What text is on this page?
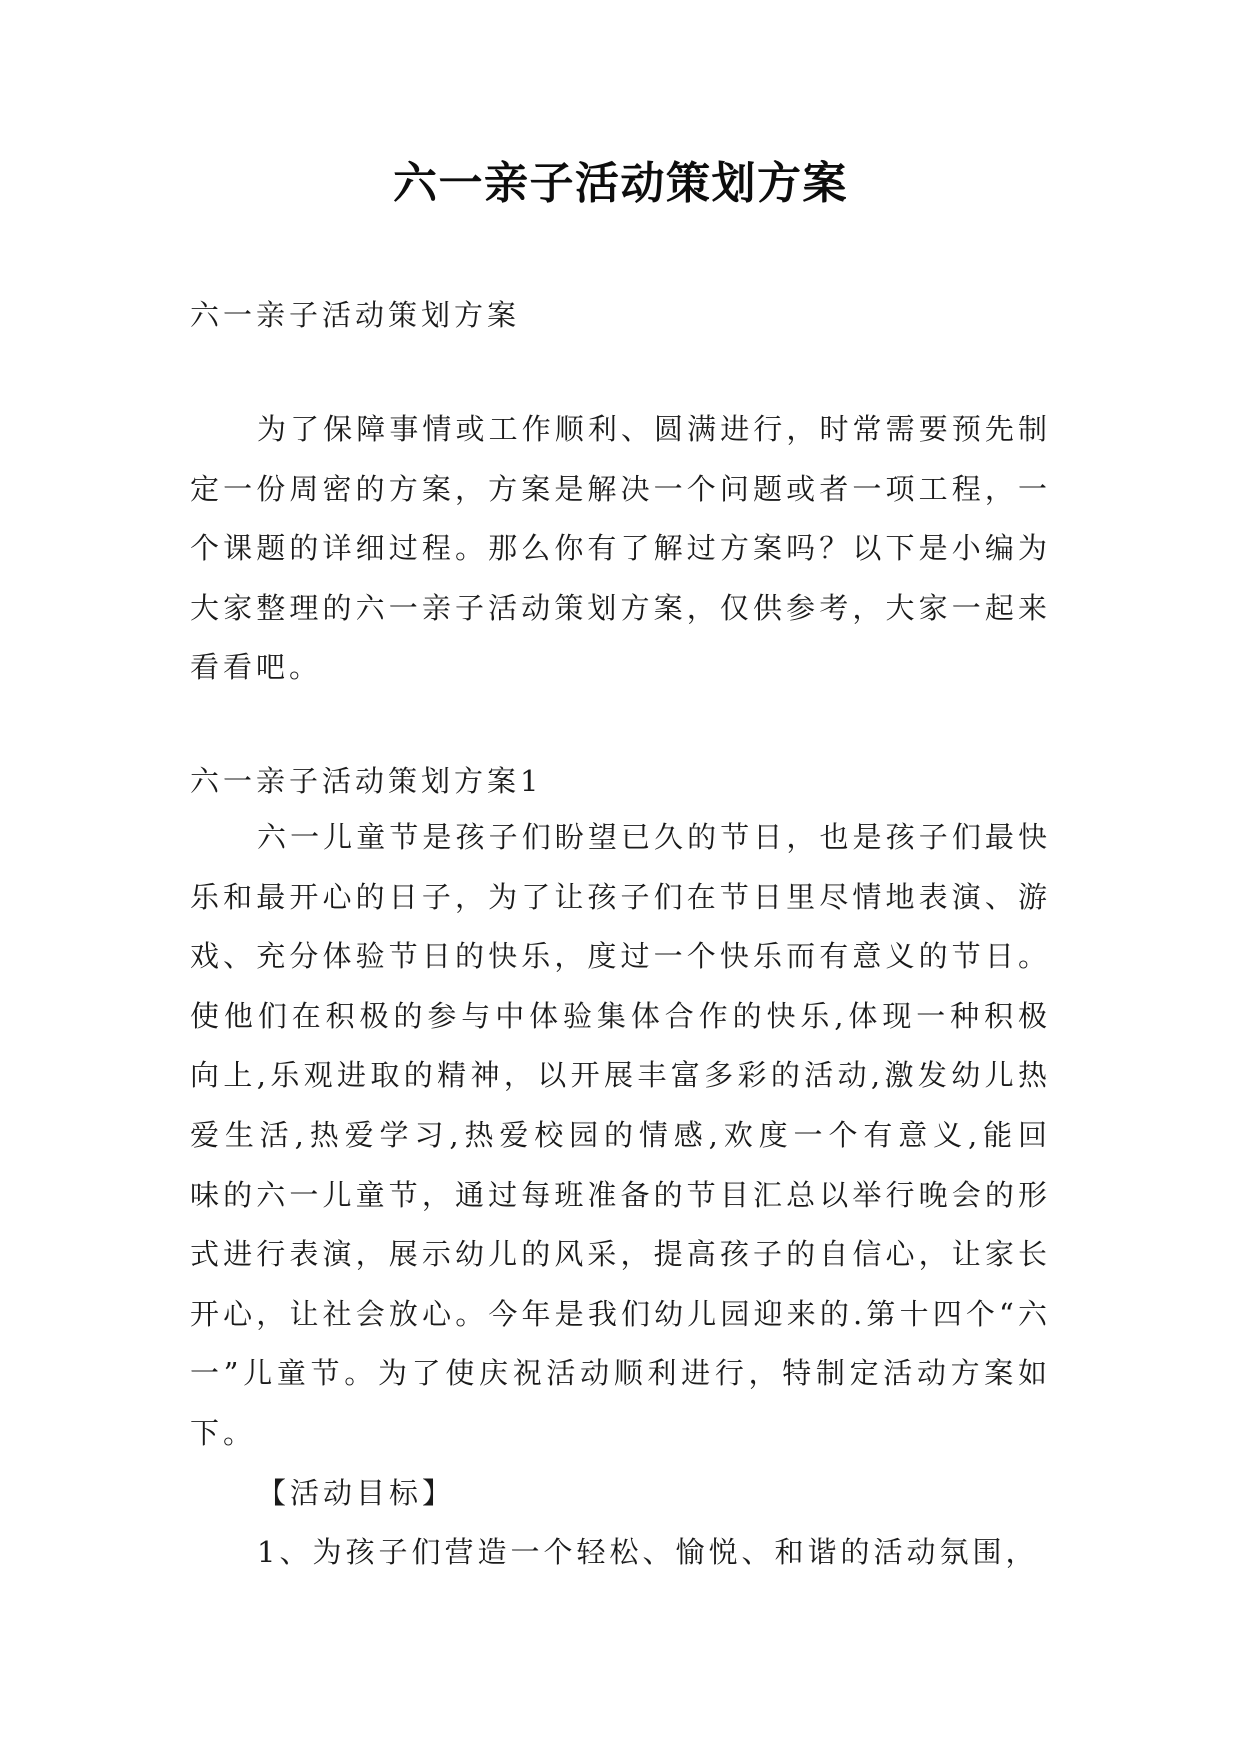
六一亲子活动策划方案
六一亲子活动策划方案
为了保障事情或工作顺利、圆满进行，时常需要预先制
定一份周密的方案，方案是解决一个问题或者一项工程，一
个课题的详细过程。那么你有了解过方案吗？以下是小编为
大家整理的六一亲子活动策划方案，仅供参考，大家一起来
看看吧。
六一亲子活动策划方案1
六一儿童节是孩子们盼望已久的节日，也是孩子们最快
乐和最开心的日子，为了让孩子们在节日里尽情地表演、游
戏、充分体验节日的快乐，度过一个快乐而有意义的节日。
使他们在积极的参与中体验集体合作的快乐,体现一种积极
向上,乐观进取的精神，以开展丰富多彩的活动,激发幼儿热
爱生活,热爱学习,热爱校园的情感,欢度一个有意义,能回
味的六一儿童节，通过每班准备的节目汇总以举行晚会的形
式进行表演，展示幼儿的风采，提高孩子的自信心，让家长
开心，让社会放心。今年是我们幼儿园迎来的.第十四个“六
一”儿童节。为了使庆祝活动顺利进行，特制定活动方案如
下。
【活动目标】
1、为孩子们营造一个轻松、愉悦、和谐的活动氛围，
